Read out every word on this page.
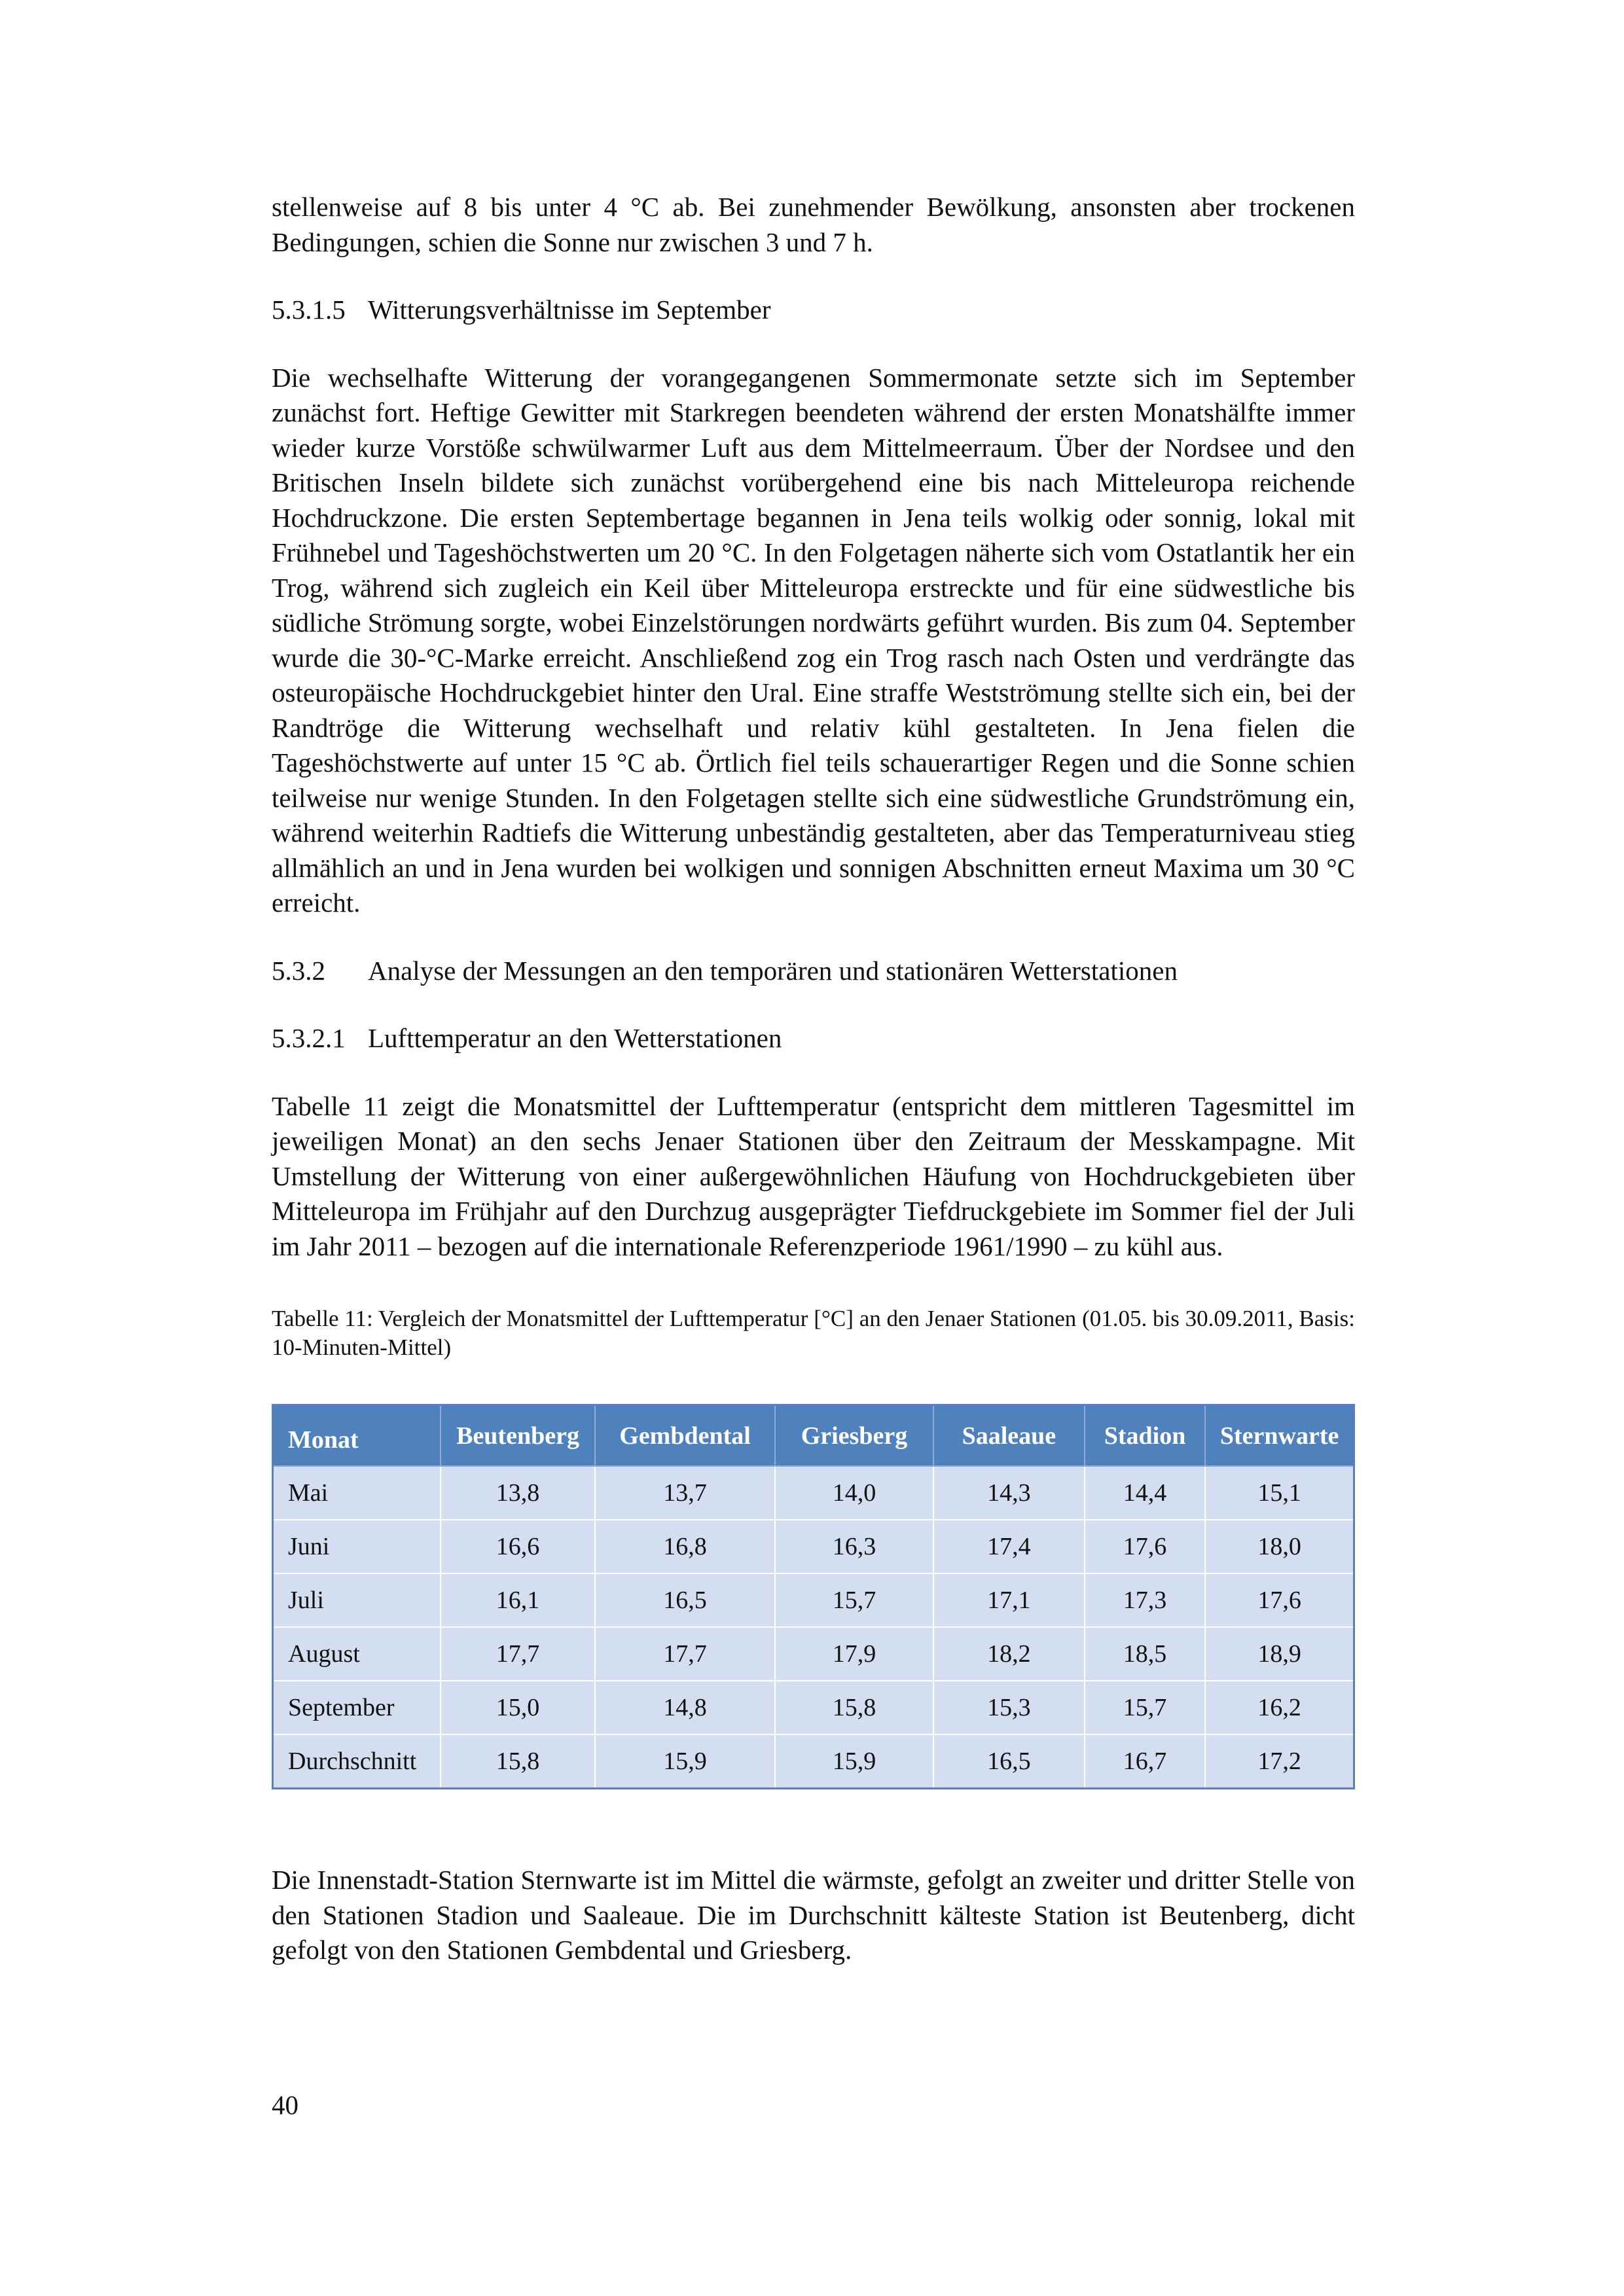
stellenweise auf 8 bis unter 4 °C ab. Bei zunehmender Bewölkung, ansonsten aber trockenen Bedingungen, schien die Sonne nur zwischen 3 und 7 h.

5.3.1.5 Witterungsverhältnisse im September

Die wechselhafte Witterung der vorangegangenen Sommermonate setzte sich im September zunächst fort. Heftige Gewitter mit Starkregen beendeten während der ersten Monatshälfte immer wieder kurze Vorstöße schwülwarmer Luft aus dem Mittelmeerraum. Über der Nordsee und den Britischen Inseln bildete sich zunächst vorübergehend eine bis nach Mitteleuropa reichende Hochdruckzone. Die ersten Septembertage begannen in Jena teils wolkig oder sonnig, lokal mit Frühnebel und Tageshöchstwerten um 20 °C. In den Folgetagen näherte sich vom Ostatlantik her ein Trog, während sich zugleich ein Keil über Mitteleuropa erstreckte und für eine südwestliche bis südliche Strömung sorgte, wobei Einzelstörungen nordwärts geführt wurden. Bis zum 04. September wurde die 30-°C-Marke erreicht. Anschließend zog ein Trog rasch nach Osten und verdrängte das osteuropäische Hochdruckgebiet hinter den Ural. Eine straffe Westströmung stellte sich ein, bei der Randtröge die Witterung wechselhaft und relativ kühl gestalteten. In Jena fielen die Tageshöchstwerte auf unter 15 °C ab. Örtlich fiel teils schauerartiger Regen und die Sonne schien teilweise nur wenige Stunden. In den Folgetagen stellte sich eine südwestliche Grundströmung ein, während weiterhin Radtiefs die Witterung unbeständig gestalteten, aber das Temperaturniveau stieg allmählich an und in Jena wurden bei wolkigen und sonnigen Abschnitten erneut Maxima um 30 °C erreicht.

5.3.2 Analyse der Messungen an den temporären und stationären Wetterstationen
5.3.2.1 Lufttemperatur an den Wetterstationen

Tabelle 11 zeigt die Monatsmittel der Lufttemperatur (entspricht dem mittleren Tagesmittel im jeweiligen Monat) an den sechs Jenaer Stationen über den Zeitraum der Messkampagne. Mit Umstellung der Witterung von einer außergewöhnlichen Häufung von Hochdruckgebieten über Mitteleuropa im Frühjahr auf den Durchzug ausgeprägter Tiefdruckgebiete im Sommer fiel der Juli im Jahr 2011 – bezogen auf die internationale Referenzperiode 1961/1990 – zu kühl aus.

Tabelle 11: Vergleich der Monatsmittel der Lufttemperatur [°C] an den Jenaer Stationen (01.05. bis 30.09.2011, Basis: 10-Minuten-Mittel)

Monat	Beutenberg	Gembdental	Griesberg	Saaleaue	Stadion	Sternwarte
Mai	13,8	13,7	14,0	14,3	14,4	15,1
Juni	16,6	16,8	16,3	17,4	17,6	18,0
Juli	16,1	16,5	15,7	17,1	17,3	17,6
August	17,7	17,7	17,9	18,2	18,5	18,9
September	15,0	14,8	15,8	15,3	15,7	16,2
Durchschnitt	15,8	15,9	15,9	16,5	16,7	17,2

Die Innenstadt-Station Sternwarte ist im Mittel die wärmste, gefolgt an zweiter und dritter Stelle von den Stationen Stadion und Saaleaue. Die im Durchschnitt kälteste Station ist Beutenberg, dicht gefolgt von den Stationen Gembdental und Griesberg.

40
